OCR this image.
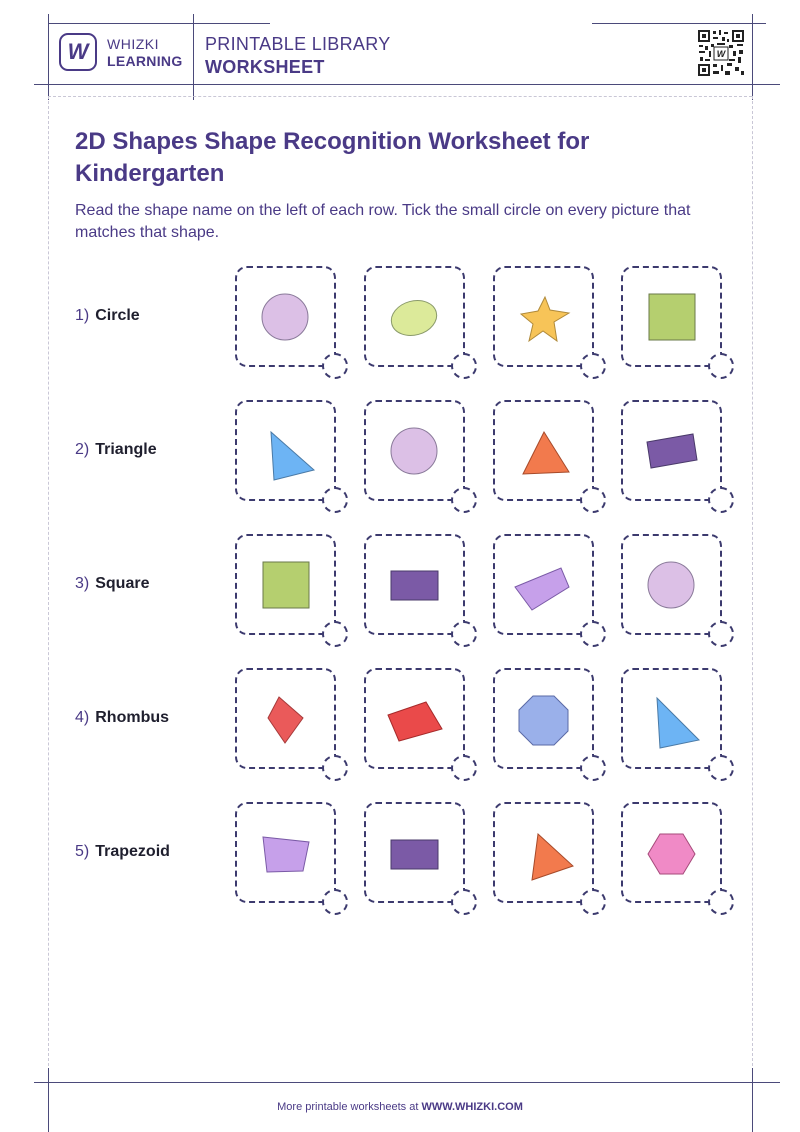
W WHIZKI
LEARNING
PRINTABLE LIBRARY
WORKSHEET
W
2D Shapes Shape Recognition Worksheet for Kindergarten
Read the shape name on the left of each row. Tick the small circle on every picture that matches that shape.
1) Circle
2) Triangle
3) Square
4) Rhombus
5) Trapezoid
More printable worksheets at WWW.WHIZKI.COM
